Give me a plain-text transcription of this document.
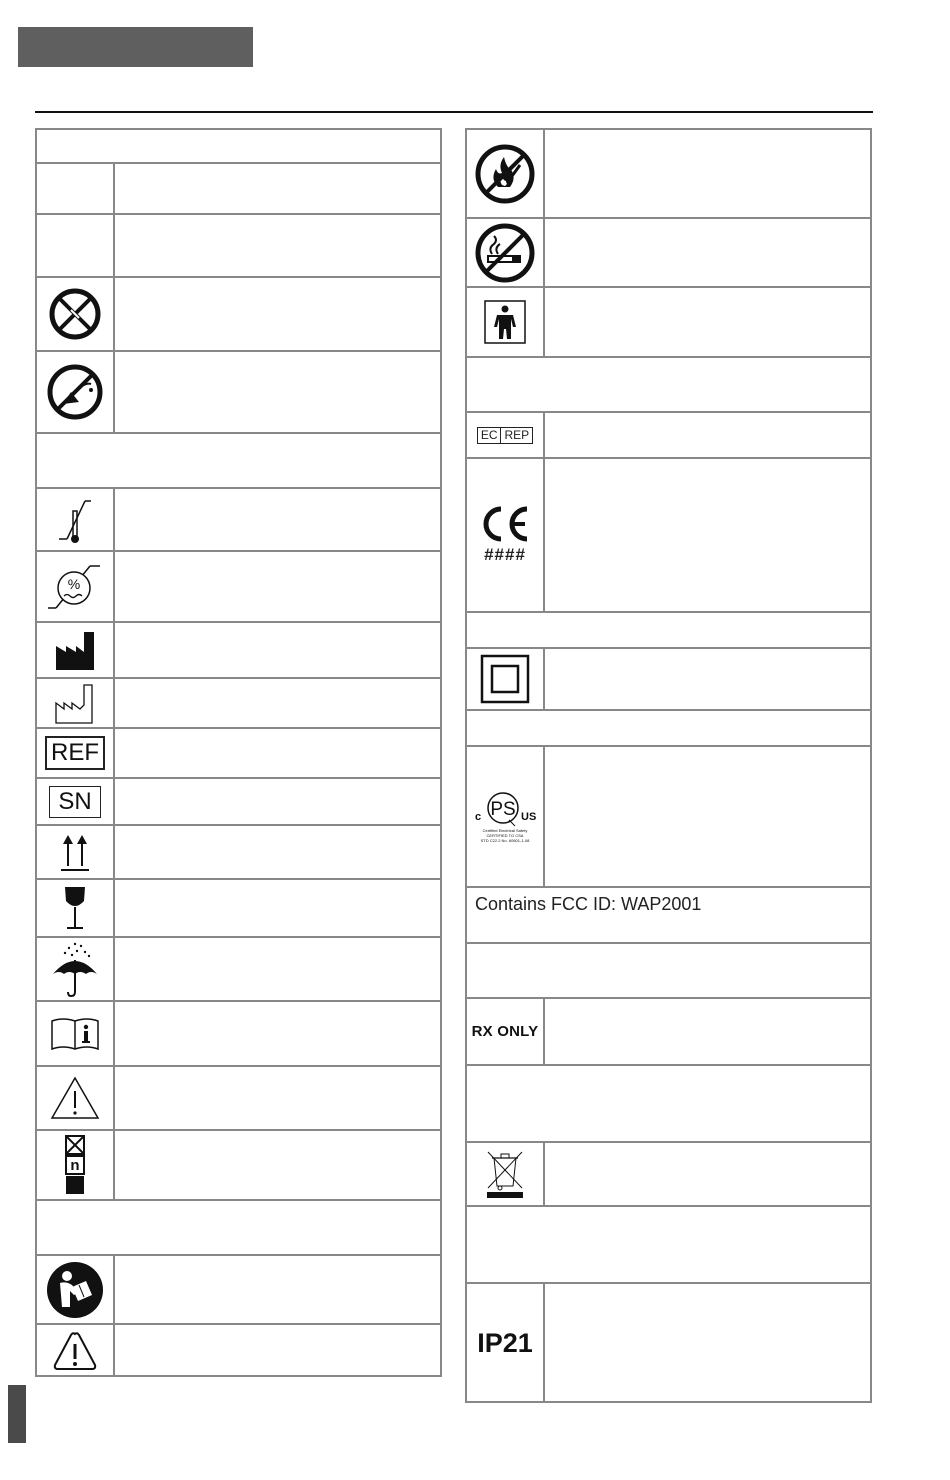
%
REF
SN
n
EC REP
####
PS
c	US
Certified Electrical Safety
CERTIFIED TO CSA
STD C22.2 No. 60601-1-08
Contains FCC ID: WAP2001
RX ONLY
IP21
